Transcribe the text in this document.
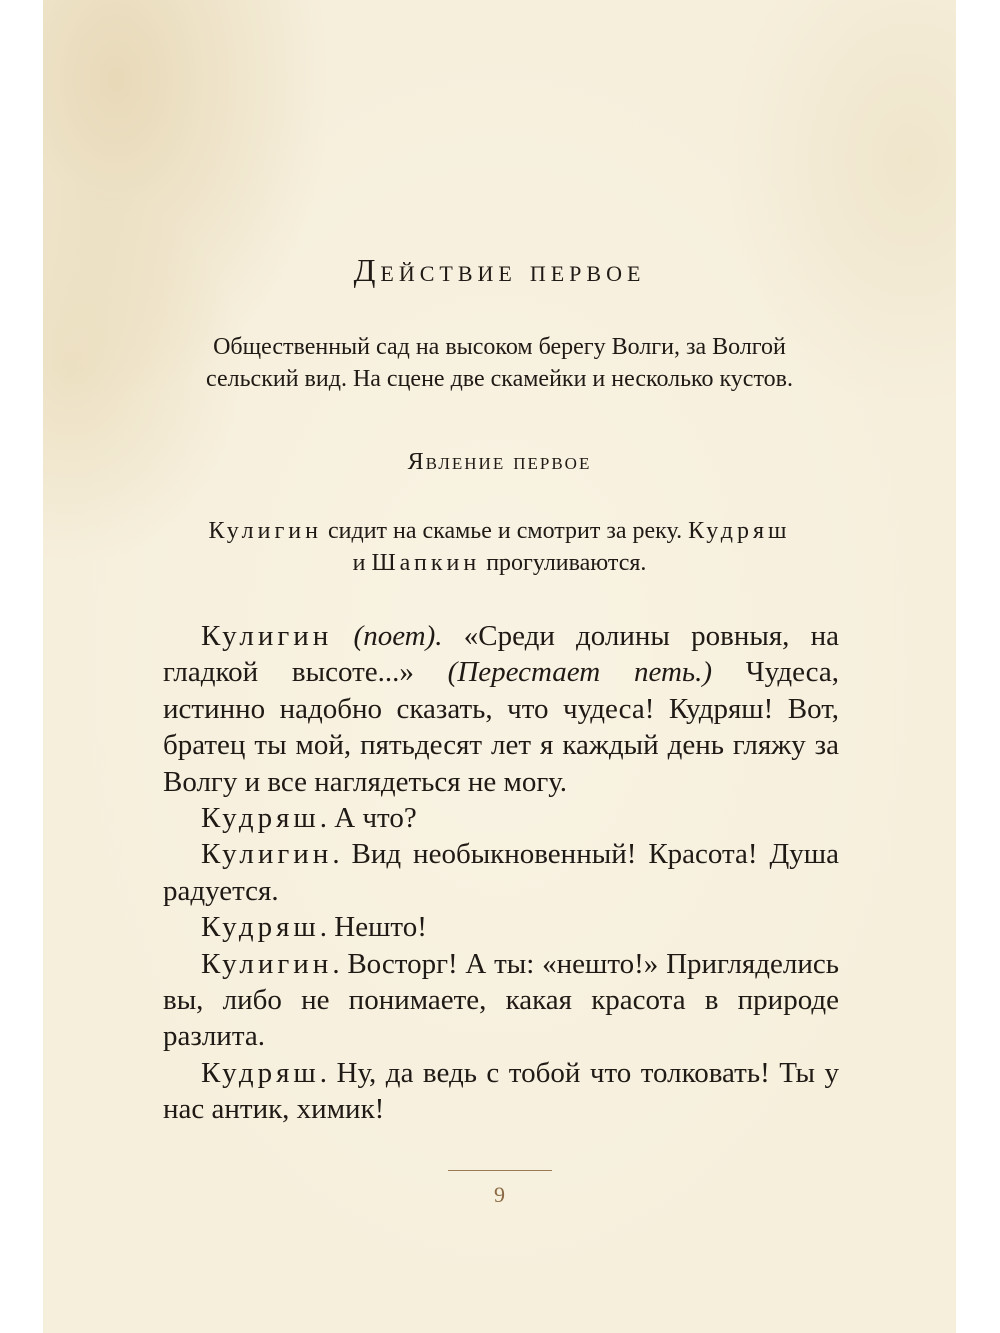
Действие первое
Общественный сад на высоком берегу Волги, за Волгой
сельский вид. На сцене две скамейки и несколько кустов.
Явление первое
Кулигин сидит на скамье и смотрит за реку. Кудряш
и Шапкин прогуливаются.

Кулигин (поет). «Среди долины ровныя, на гладкой высоте...» (Перестает петь.) Чудеса, истинно надобно сказать, что чудеса! Кудряш! Вот, братец ты мой, пятьдесят лет я каждый день гляжу за Волгу и все наглядеться не могу.

Кудряш. А что?

Кулигин. Вид необыкновенный! Красота! Душа радуется.

Кудряш. Нешто!

Кулигин. Восторг! А ты: «нешто!» Пригляделись вы, либо не понимаете, какая красота в природе разлита.

Кудряш. Ну, да ведь с тобой что толковать! Ты у нас антик, химик!

9
